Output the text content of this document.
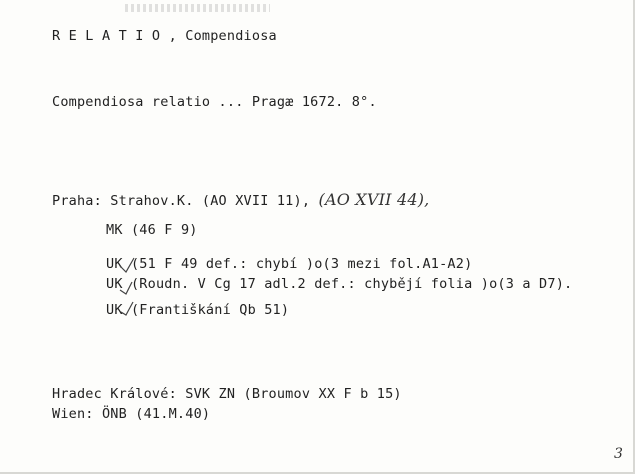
R E L A T I O , Compendiosa
Compendiosa relatio ... Pragæ 1672. 8°.
Praha: Strahov.K. (AO XVII 11), (AO XVII 44),
MK (46 F 9)
UK (51 F 49 def.: chybí )o(3 mezi fol.A1-A2)
UK (Roudn. V Cg 17 adl.2 def.: chybějí folia )o(3 a D7).
UK (Františkání Qb 51)
Hradec Králové: SVK ZN (Broumov XX F b 15)
Wien: ÖNB (41.M.40)
3
